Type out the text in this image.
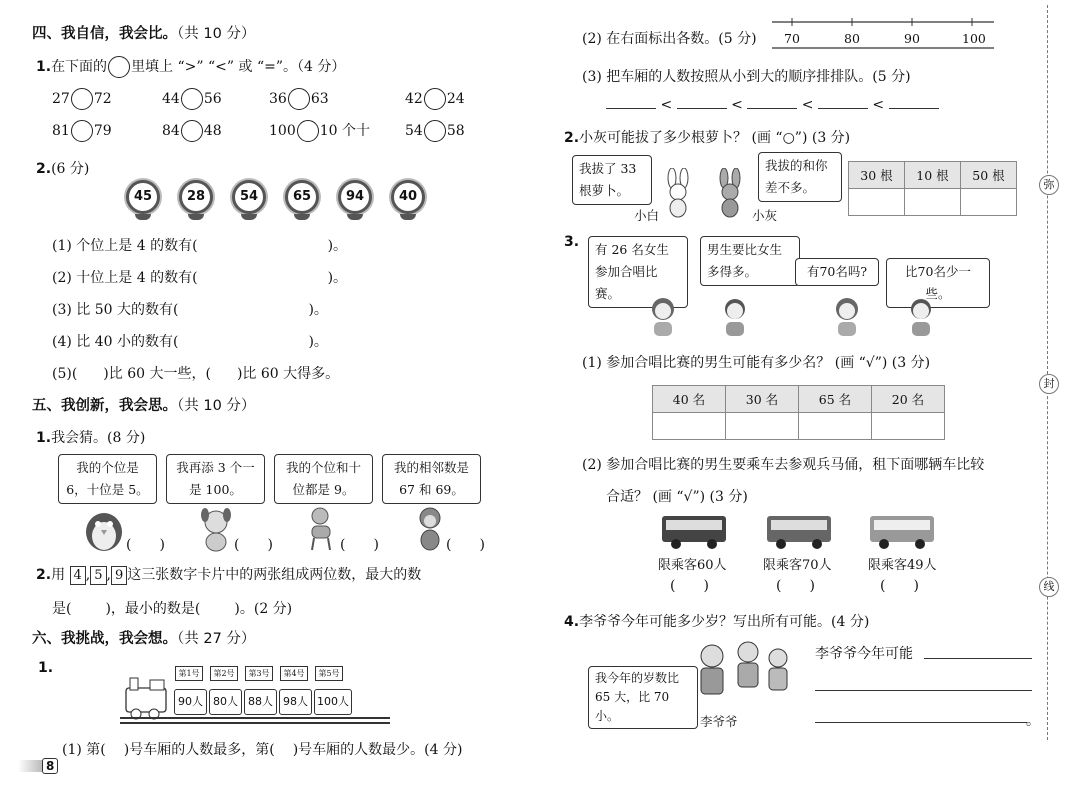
四、我自信，我会比。（共 10 分）
1.在下面的 里填上 “>” “<” 或 “=”。（4 分）
27 72	44 56	36 63	42 24
81 79	84 48	100 10 个十	54 58
2.(6 分)
45	28	54	65	94	40
(1) 个位上是 4 的数有(	)。
(2) 十位上是 4 的数有(	)。
(3) 比 50 大的数有(	)。
(4) 比 40 小的数有(	)。
(5)( )比 60 大一些，( )比 60 大得多。
五、我创新，我会思。（共 10 分）
1.我会猜。(8 分)
我的个位是 6，十位是 5。
我再添 3 个一是 100。
我的个位和十位都是 9。
我的相邻数是 67 和 69。
(　　)	(　　)	(　　)	(　　)
2.用 4 , 5 , 9 这三张数字卡片中的两张组成两位数，最大的数
是( )，最小的数是( )。(2 分)
六、我挑战，我会想。（共 27 分）
1.	第1号	第2号	第3号	第4号	第5号
90人 80人 88人 98人 100人
(1) 第( )号车厢的人数最多，第( )号车厢的人数最少。(4 分)
8
(2) 在右面标出各数。(5 分) 70	80	90	100
(3) 把车厢的人数按照从小到大的顺序排排队。(5 分)
<	<	<	<
2.小灰可能拔了多少根萝卜？ (画 “○”) (3 分)
我拔了 33 根萝卜。
我拔的和你差不多。
小白	小灰
30 根	10 根	50 根

3.	有 26 名女生参加合唱比赛。
男生要比女生多得多。	有70名吗?	比70名少一些。
(1) 参加合唱比赛的男生可能有多少名？ (画 “√”) (3 分)
40 名	30 名	65 名	20 名

(2) 参加合唱比赛的男生要乘车去参观兵马俑，租下面哪辆车比较
合适？ (画 “√”) (3 分)
限乘客60人	限乘客70人	限乘客49人
(　　)	(　　)	(　　)
4.李爷爷今年可能多少岁？写出所有可能。(4 分)
我今年的岁数比 65 大，比 70 小。	李爷爷
李爷爷今年可能
。
弥
封
线
